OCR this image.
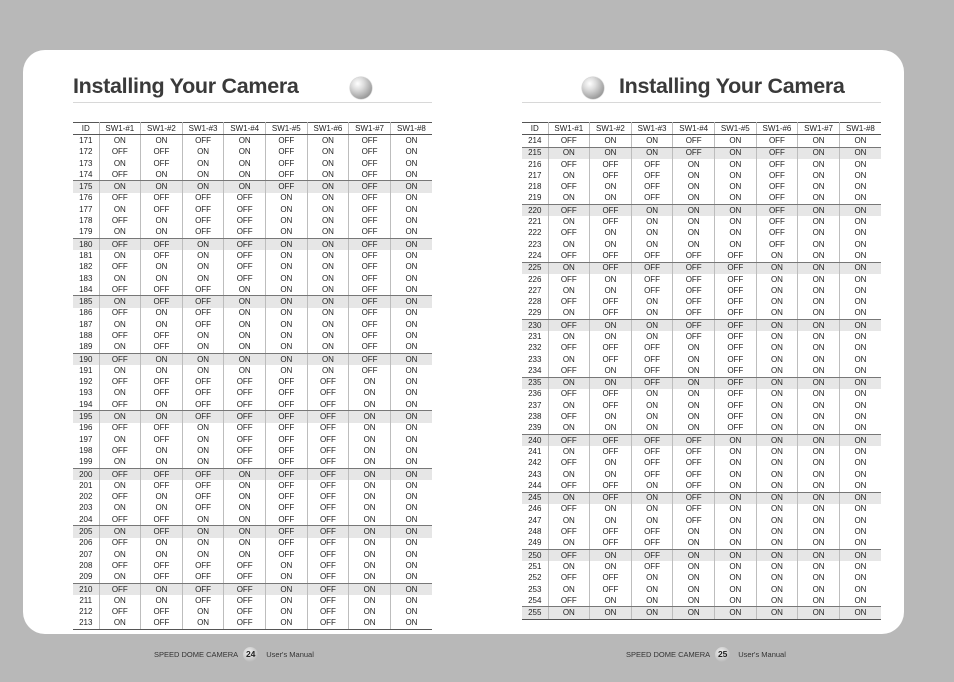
Installing Your Camera	Installing Your Camera
ID	SW1-#1	SW1-#2	SW1-#3	SW1-#4	SW1-#5	SW1-#6	SW1-#7	SW1-#8
171	ON	ON	OFF	ON	OFF	ON	OFF	ON
172	OFF	OFF	ON	ON	OFF	ON	OFF	ON
173	ON	OFF	ON	ON	OFF	ON	OFF	ON
174	OFF	ON	ON	ON	OFF	ON	OFF	ON
175	ON	ON	ON	ON	OFF	ON	OFF	ON
176	OFF	OFF	OFF	OFF	ON	ON	OFF	ON
177	ON	OFF	OFF	OFF	ON	ON	OFF	ON
178	OFF	ON	OFF	OFF	ON	ON	OFF	ON
179	ON	ON	OFF	OFF	ON	ON	OFF	ON
180	OFF	OFF	ON	OFF	ON	ON	OFF	ON
181	ON	OFF	ON	OFF	ON	ON	OFF	ON
182	OFF	ON	ON	OFF	ON	ON	OFF	ON
183	ON	ON	ON	OFF	ON	ON	OFF	ON
184	OFF	OFF	OFF	ON	ON	ON	OFF	ON
185	ON	OFF	OFF	ON	ON	ON	OFF	ON
186	OFF	ON	OFF	ON	ON	ON	OFF	ON
187	ON	ON	OFF	ON	ON	ON	OFF	ON
188	OFF	OFF	ON	ON	ON	ON	OFF	ON
189	ON	OFF	ON	ON	ON	ON	OFF	ON
190	OFF	ON	ON	ON	ON	ON	OFF	ON
191	ON	ON	ON	ON	ON	ON	OFF	ON
192	OFF	OFF	OFF	OFF	OFF	OFF	ON	ON
193	ON	OFF	OFF	OFF	OFF	OFF	ON	ON
194	OFF	ON	OFF	OFF	OFF	OFF	ON	ON
195	ON	ON	OFF	OFF	OFF	OFF	ON	ON
196	OFF	OFF	ON	OFF	OFF	OFF	ON	ON
197	ON	OFF	ON	OFF	OFF	OFF	ON	ON
198	OFF	ON	ON	OFF	OFF	OFF	ON	ON
199	ON	ON	ON	OFF	OFF	OFF	ON	ON
200	OFF	OFF	OFF	ON	OFF	OFF	ON	ON
201	ON	OFF	OFF	ON	OFF	OFF	ON	ON
202	OFF	ON	OFF	ON	OFF	OFF	ON	ON
203	ON	ON	OFF	ON	OFF	OFF	ON	ON
204	OFF	OFF	ON	ON	OFF	OFF	ON	ON
205	ON	OFF	ON	ON	OFF	OFF	ON	ON
206	OFF	ON	ON	ON	OFF	OFF	ON	ON
207	ON	ON	ON	ON	OFF	OFF	ON	ON
208	OFF	OFF	OFF	OFF	ON	OFF	ON	ON
209	ON	OFF	OFF	OFF	ON	OFF	ON	ON
210	OFF	ON	OFF	OFF	ON	OFF	ON	ON
211	ON	ON	OFF	OFF	ON	OFF	ON	ON
212	OFF	OFF	ON	OFF	ON	OFF	ON	ON
213	ON	OFF	ON	OFF	ON	OFF	ON	ON
ID	SW1-#1	SW1-#2	SW1-#3	SW1-#4	SW1-#5	SW1-#6	SW1-#7	SW1-#8
214	OFF	ON	ON	OFF	ON	OFF	ON	ON
215	ON	ON	ON	OFF	ON	OFF	ON	ON
216	OFF	OFF	OFF	ON	ON	OFF	ON	ON
217	ON	OFF	OFF	ON	ON	OFF	ON	ON
218	OFF	ON	OFF	ON	ON	OFF	ON	ON
219	ON	ON	OFF	ON	ON	OFF	ON	ON
220	OFF	OFF	ON	ON	ON	OFF	ON	ON
221	ON	OFF	ON	ON	ON	OFF	ON	ON
222	OFF	ON	ON	ON	ON	OFF	ON	ON
223	ON	ON	ON	ON	ON	OFF	ON	ON
224	OFF	OFF	OFF	OFF	OFF	ON	ON	ON
225	ON	OFF	OFF	OFF	OFF	ON	ON	ON
226	OFF	ON	OFF	OFF	OFF	ON	ON	ON
227	ON	ON	OFF	OFF	OFF	ON	ON	ON
228	OFF	OFF	ON	OFF	OFF	ON	ON	ON
229	ON	OFF	ON	OFF	OFF	ON	ON	ON
230	OFF	ON	ON	OFF	OFF	ON	ON	ON
231	ON	ON	ON	OFF	OFF	ON	ON	ON
232	OFF	OFF	OFF	ON	OFF	ON	ON	ON
233	ON	OFF	OFF	ON	OFF	ON	ON	ON
234	OFF	ON	OFF	ON	OFF	ON	ON	ON
235	ON	ON	OFF	ON	OFF	ON	ON	ON
236	OFF	OFF	ON	ON	OFF	ON	ON	ON
237	ON	OFF	ON	ON	OFF	ON	ON	ON
238	OFF	ON	ON	ON	OFF	ON	ON	ON
239	ON	ON	ON	ON	OFF	ON	ON	ON
240	OFF	OFF	OFF	OFF	ON	ON	ON	ON
241	ON	OFF	OFF	OFF	ON	ON	ON	ON
242	OFF	ON	OFF	OFF	ON	ON	ON	ON
243	ON	ON	OFF	OFF	ON	ON	ON	ON
244	OFF	OFF	ON	OFF	ON	ON	ON	ON
245	ON	OFF	ON	OFF	ON	ON	ON	ON
246	OFF	ON	ON	OFF	ON	ON	ON	ON
247	ON	ON	ON	OFF	ON	ON	ON	ON
248	OFF	OFF	OFF	ON	ON	ON	ON	ON
249	ON	OFF	OFF	ON	ON	ON	ON	ON
250	OFF	ON	OFF	ON	ON	ON	ON	ON
251	ON	ON	OFF	ON	ON	ON	ON	ON
252	OFF	OFF	ON	ON	ON	ON	ON	ON
253	ON	OFF	ON	ON	ON	ON	ON	ON
254	OFF	ON	ON	ON	ON	ON	ON	ON
255	ON	ON	ON	ON	ON	ON	ON	ON
SPEED DOME CAMERA 24	User's Manual	SPEED DOME CAMERA 25	User's Manual
